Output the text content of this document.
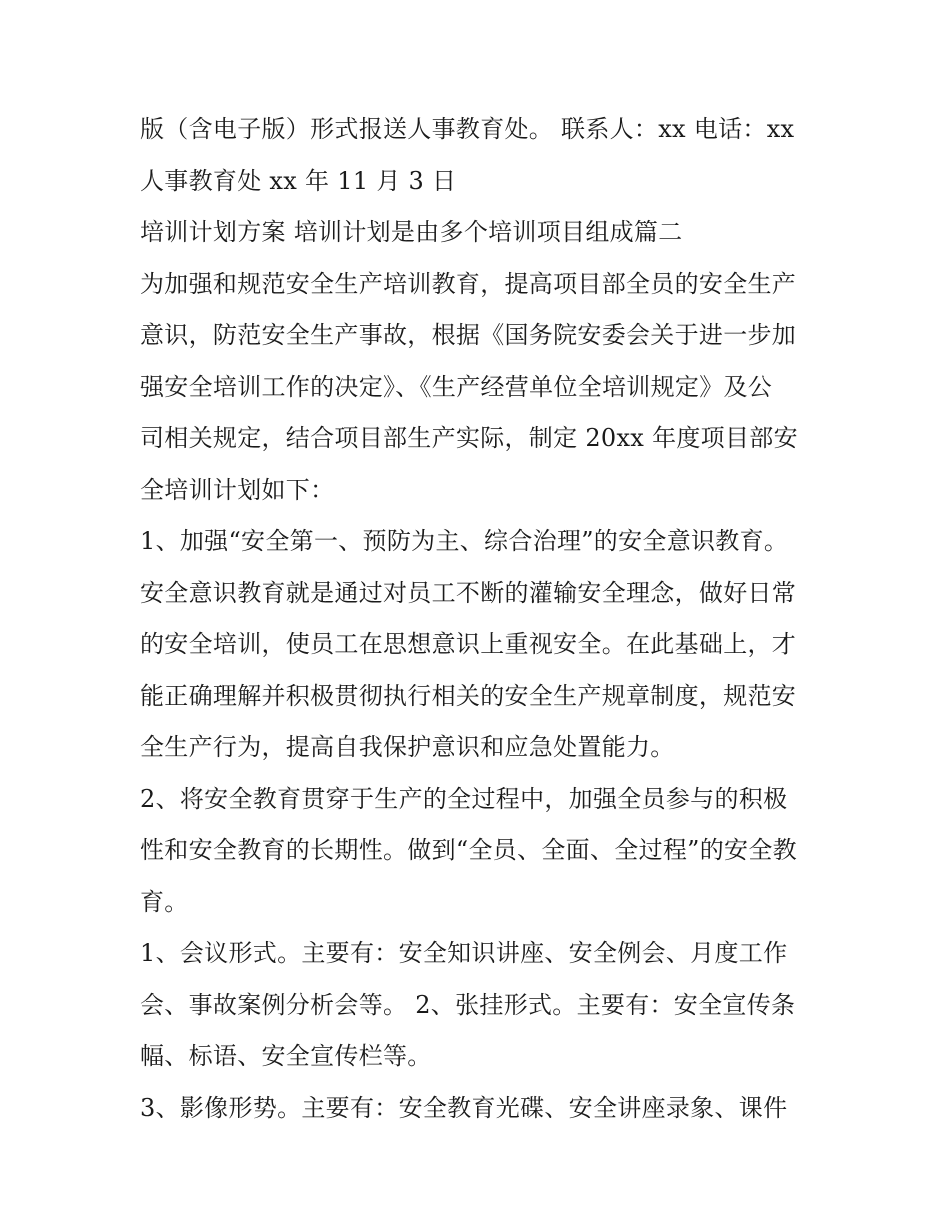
版（含电子版）形式报送人事教育处。 联系人：xx 电话：xx
人事教育处 xx 年 11 月 3 日
培训计划方案 培训计划是由多个培训项目组成篇二
为加强和规范安全生产培训教育，提高项目部全员的安全生产
意识，防范安全生产事故，根据《国务院安委会关于进一步加
强安全培训工作的决定》、《生产经营单位全培训规定》及公
司相关规定，结合项目部生产实际，制定 20xx 年度项目部安
全培训计划如下：
1、加强“安全第一、预防为主、综合治理”的安全意识教育。
安全意识教育就是通过对员工不断的灌输安全理念，做好日常
的安全培训，使员工在思想意识上重视安全。在此基础上，才
能正确理解并积极贯彻执行相关的安全生产规章制度，规范安
全生产行为，提高自我保护意识和应急处置能力。
2、将安全教育贯穿于生产的全过程中，加强全员参与的积极
性和安全教育的长期性。做到“全员、全面、全过程”的安全教
育。
1、会议形式。主要有：安全知识讲座、安全例会、月度工作
会、事故案例分析会等。 2、张挂形式。主要有：安全宣传条
幅、标语、安全宣传栏等。
3、影像形势。主要有：安全教育光碟、安全讲座录象、课件
